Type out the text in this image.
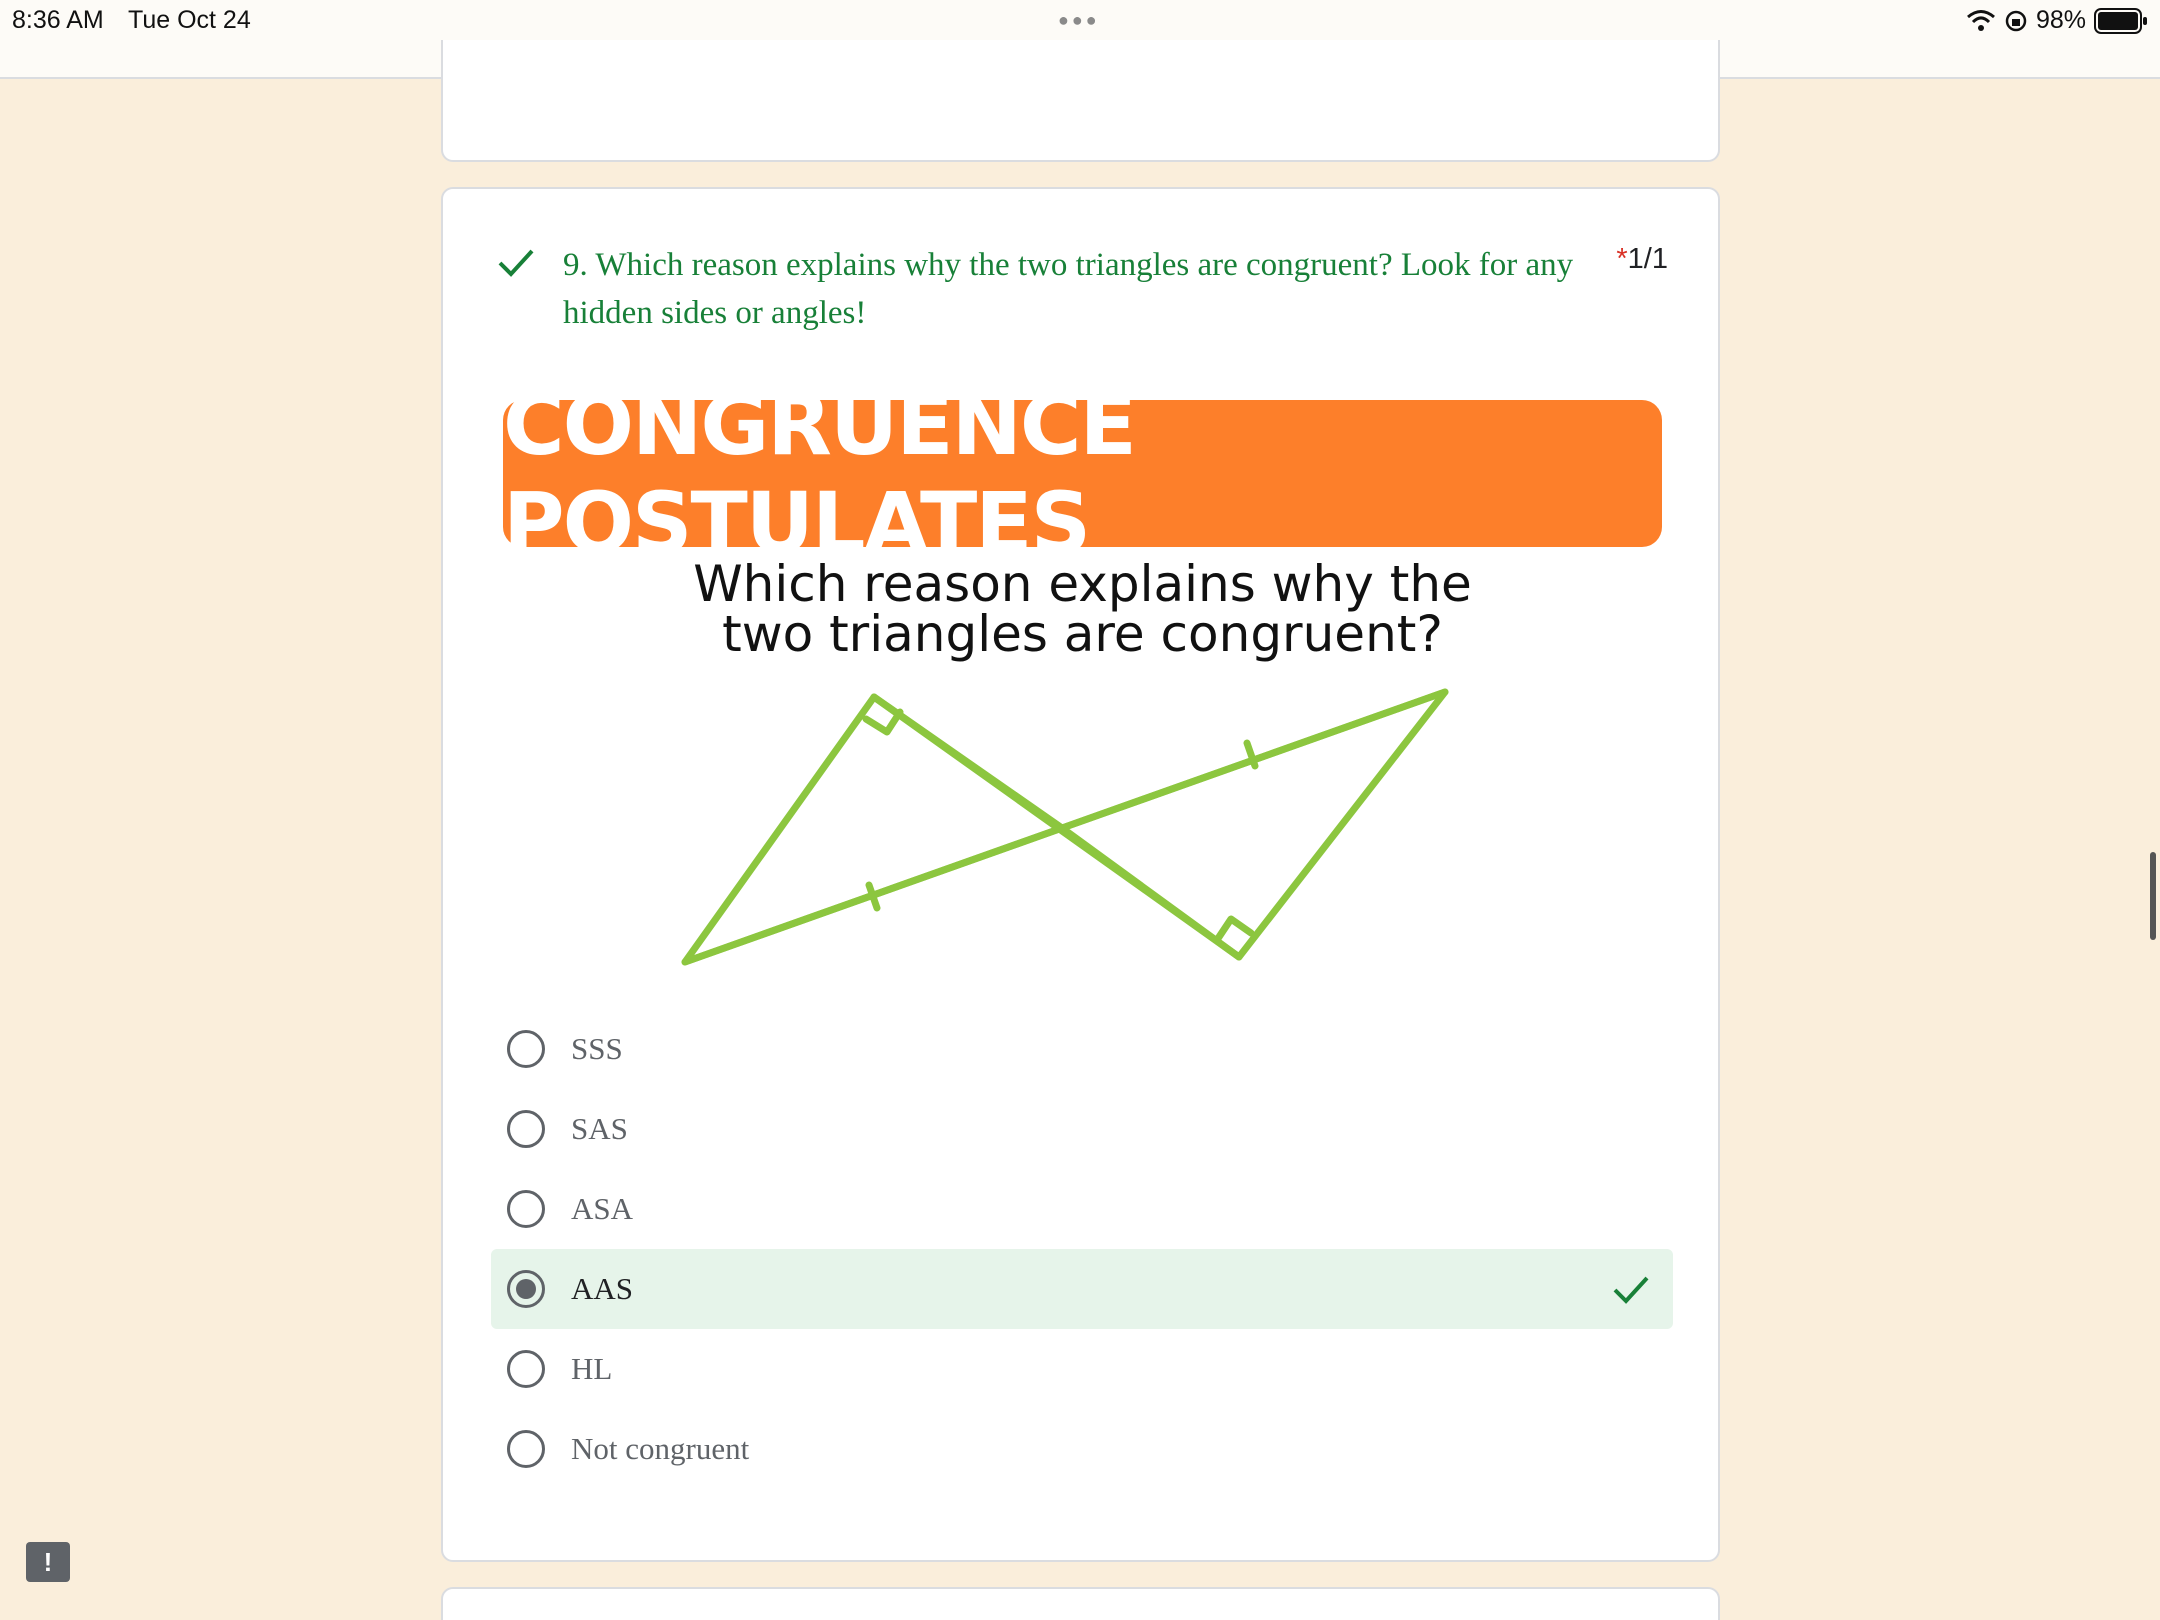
8:36 AM Tue Oct 24	●●●	98%
9. Which reason explains why the two triangles are congruent? Look for any hidden sides or angles!
*1/1
CONGRUENCE POSTULATES
Which reason explains why the
two triangles are congruent?
SSS
SAS
ASA
AAS
HL
Not congruent
!
